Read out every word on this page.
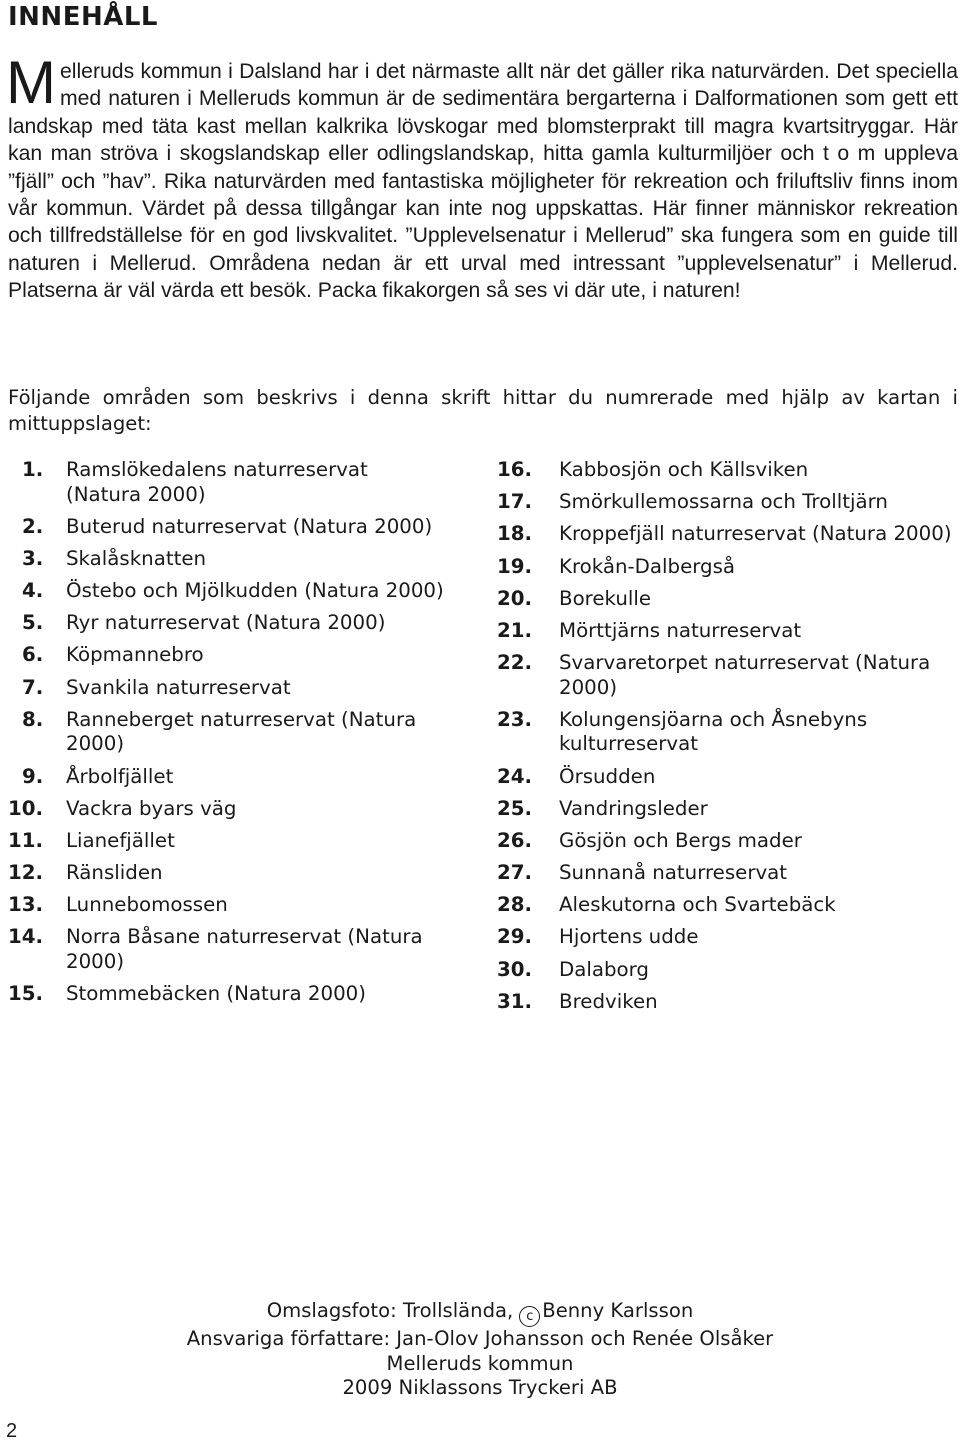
INNEHÅLL

Melleruds kommun i Dalsland har i det närmaste allt när det gäller rika naturvärden. Det speciella med naturen i Melleruds kommun är de sedimentära bergarterna i Dalformationen som gett ett landskap med täta kast mellan kalkrika lövskogar med blomsterprakt till magra kvartsitryggar. Här kan man ströva i skogslandskap eller odlingslandskap, hitta gamla kulturmiljöer och t o m uppleva ”fjäll” och ”hav”. Rika naturvärden med fantastiska möjligheter för rekreation och friluftsliv finns inom vår kommun. Värdet på dessa tillgångar kan inte nog uppskattas. Här finner människor rekreation och tillfredställelse för en god livskvalitet. ”Upplevelsenatur i Mellerud” ska fungera som en guide till naturen i Mellerud. Områdena nedan är ett urval med intressant ”upplevelsenatur” i Mellerud. Platserna är väl värda ett besök. Packa fikakorgen så ses vi där ute, i naturen!

Följande områden som beskrivs i denna skrift hittar du numrerade med hjälp av kartan i mittuppslaget:

1. Ramslökedalens naturreservat (Natura 2000)
2. Buterud naturreservat (Natura 2000)
3. Skalåsknatten
4. Östebo och Mjölkudden (Natura 2000)
5. Ryr naturreservat (Natura 2000)
6. Köpmannebro
7. Svankila naturreservat
8. Ranneberget naturreservat (Natura 2000)
9. Årbolfjället
10. Vackra byars väg
11. Lianefjället
12. Ränsliden
13. Lunnebomossen
14. Norra Båsane naturreservat (Natura 2000)
15. Stommebäcken (Natura 2000)
16. Kabbosjön och Källsviken
17. Smörkullemossarna och Trolltjärn
18. Kroppefjäll naturreservat (Natura 2000)
19. Krokån-Dalbergså
20. Borekulle
21. Mörttjärns naturreservat
22. Svarvaretorpet naturreservat (Natura 2000)
23. Kolungensjöarna och Åsnebyns kulturreservat
24. Örsudden
25. Vandringsleder
26. Gösjön och Bergs mader
27. Sunnanå naturreservat
28. Aleskutorna och Svartebäck
29. Hjortens udde
30. Dalaborg
31. Bredviken
Omslagsfoto: Trollslända, c Benny Karlsson
Ansvariga författare: Jan-Olov Johansson och Renée Olsåker
Melleruds kommun
2009 Niklassons Tryckeri AB
2
